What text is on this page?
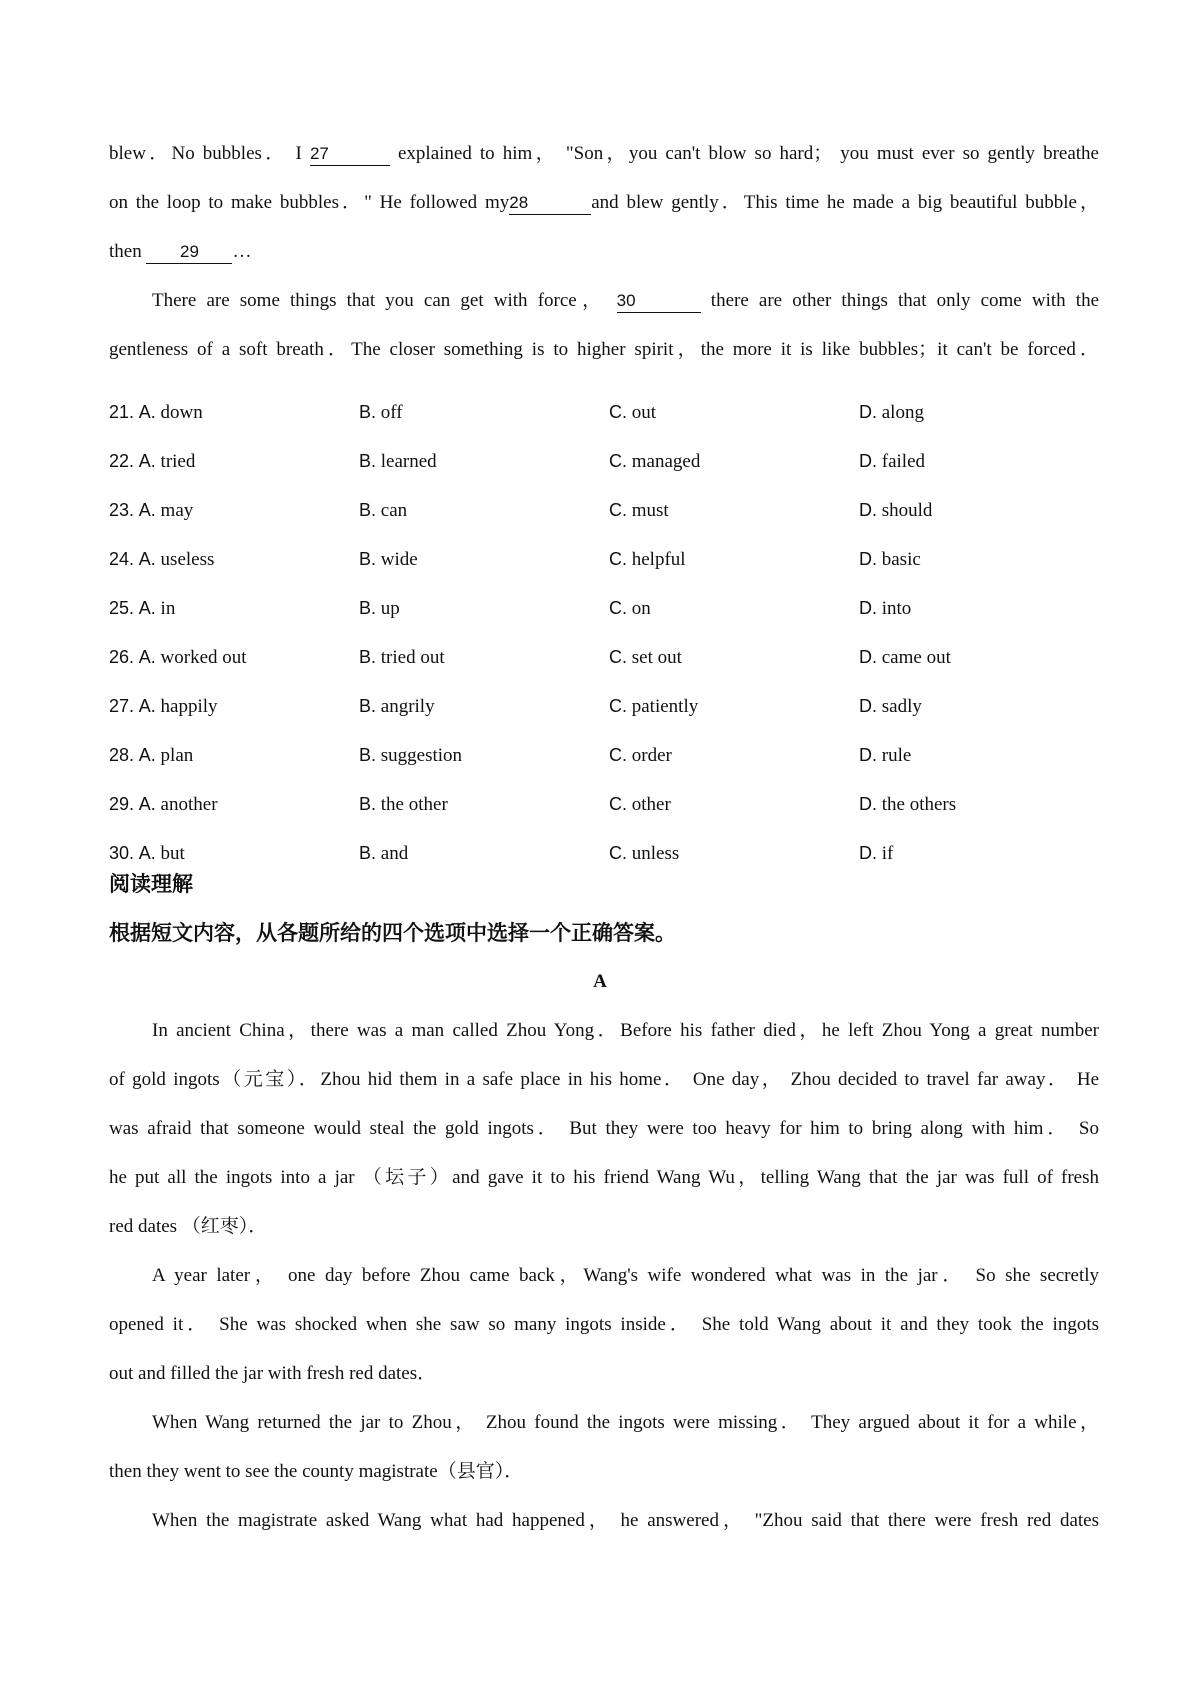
blew．No bubbles． I 27	explained to him， "Son，you can't blow so hard； you must ever so gently breathe
on the loop to make bubbles．" He followed my28	and blew gently．This time he made a big beautiful bubble，
then 29 …
There are some things that you can get with force， 30	there are other things that only come with the
gentleness of a soft breath．The closer something is to higher spirit，the more it is like bubbles；it can't be forced．
21. A. down	B. off	C. out	D. along
22. A. tried	B. learned	C. managed	D. failed
23. A. may	B. can	C. must	D. should
24. A. useless	B. wide	C. helpful	D. basic
25. A. in	B. up	C. on	D. into
26. A. worked out	B. tried out	C. set out	D. came out
27. A. happily	B. angrily	C. patiently	D. sadly
28. A. plan	B. suggestion	C. order	D. rule
29. A. another	B. the other	C. other	D. the others
30. A. but	B. and	C. unless	D. if
阅读理解
根据短文内容，从各题所给的四个选项中选择一个正确答案。
A
In ancient China，there was a man called Zhou Yong．Before his father died，he left Zhou Yong a great number
of gold ingots（元宝）．Zhou hid them in a safe place in his home． One day， Zhou decided to travel far away． He
was afraid that someone would steal the gold ingots． But they were too heavy for him to bring along with him． So
he put all the ingots into a jar （坛子）and gave it to his friend Wang Wu，telling Wang that the jar was full of fresh
red dates （红枣）．
A year later， one day before Zhou came back，Wang's wife wondered what was in the jar． So she secretly
opened it． She was shocked when she saw so many ingots inside． She told Wang about it and they took the ingots
out and filled the jar with fresh red dates．
When Wang returned the jar to Zhou， Zhou found the ingots were missing． They argued about it for a while，
then they went to see the county magistrate（县官）．
When the magistrate asked Wang what had happened， he answered， "Zhou said that there were fresh red dates
